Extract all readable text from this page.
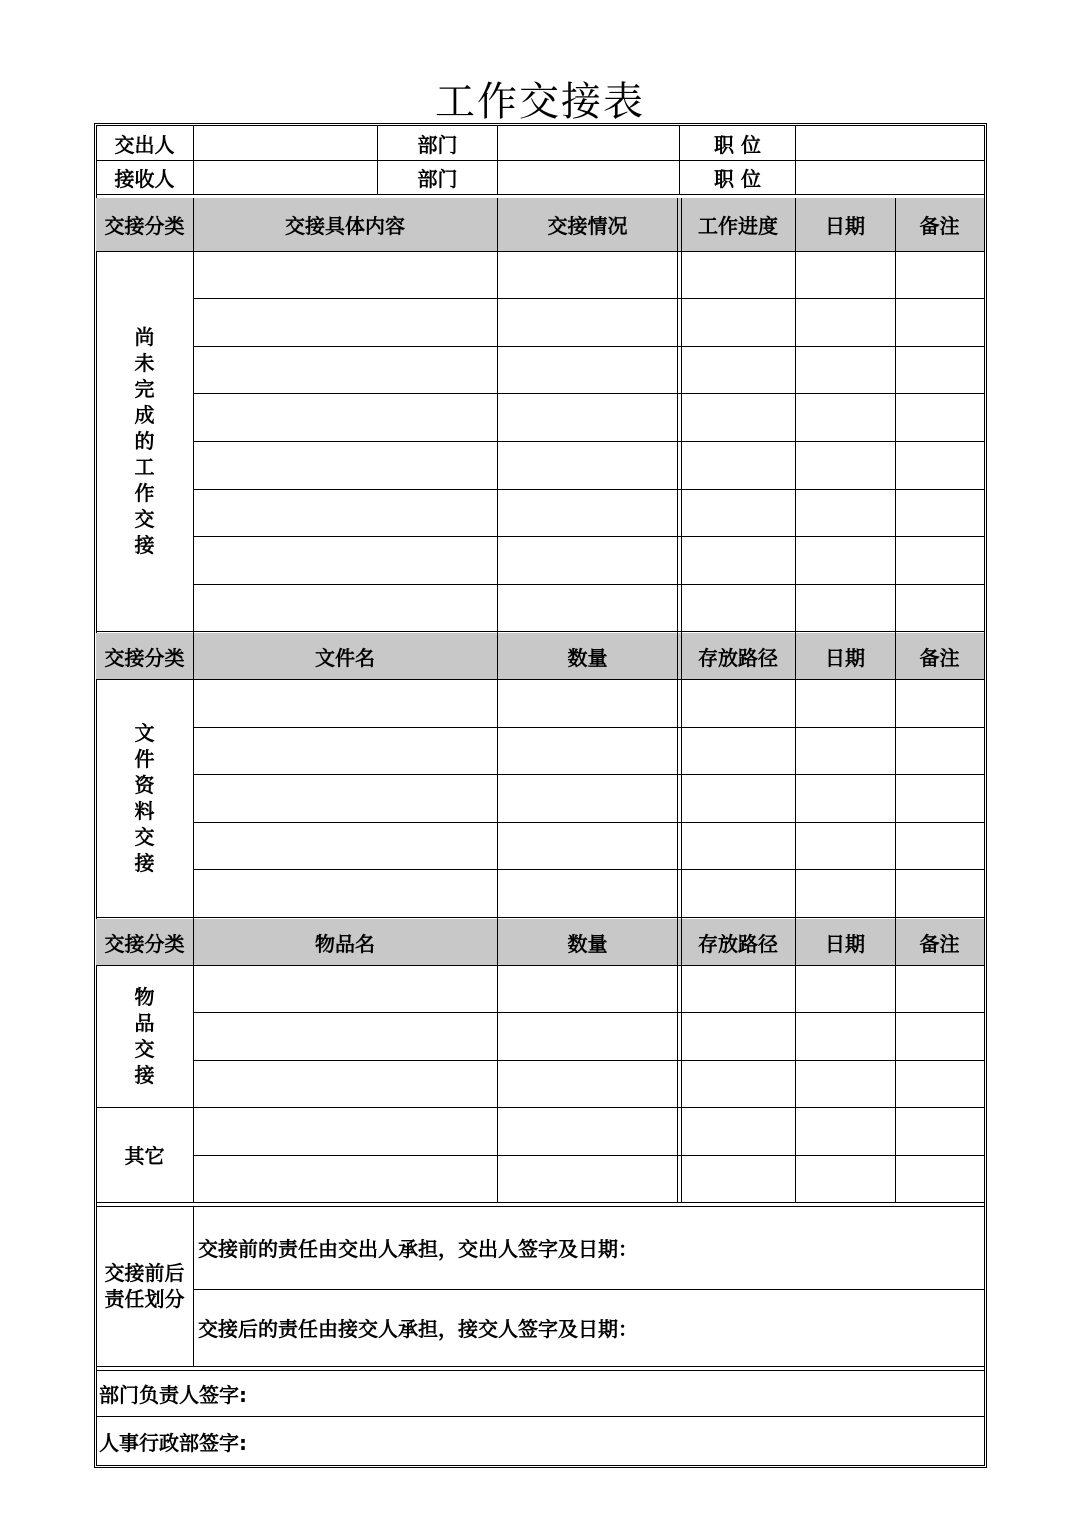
工作交接表
交出人	部门	职 位
接收人	部门	职 位
交接分类	交接具体内容	交接情况	工作进度	日期	备注
尚
未
完
成
的
工
作
交
接
交接分类	文件名	数量	存放路径	日期	备注
文
件
资
料
交
接
交接分类	物品名	数量	存放路径	日期	备注
物
品
交
接
其它
交接前后
责任划分
交接前的责任由交出人承担，交出人签字及日期：
交接后的责任由接交人承担，接交人签字及日期：
部门负责人签字:
人事行政部签字:
